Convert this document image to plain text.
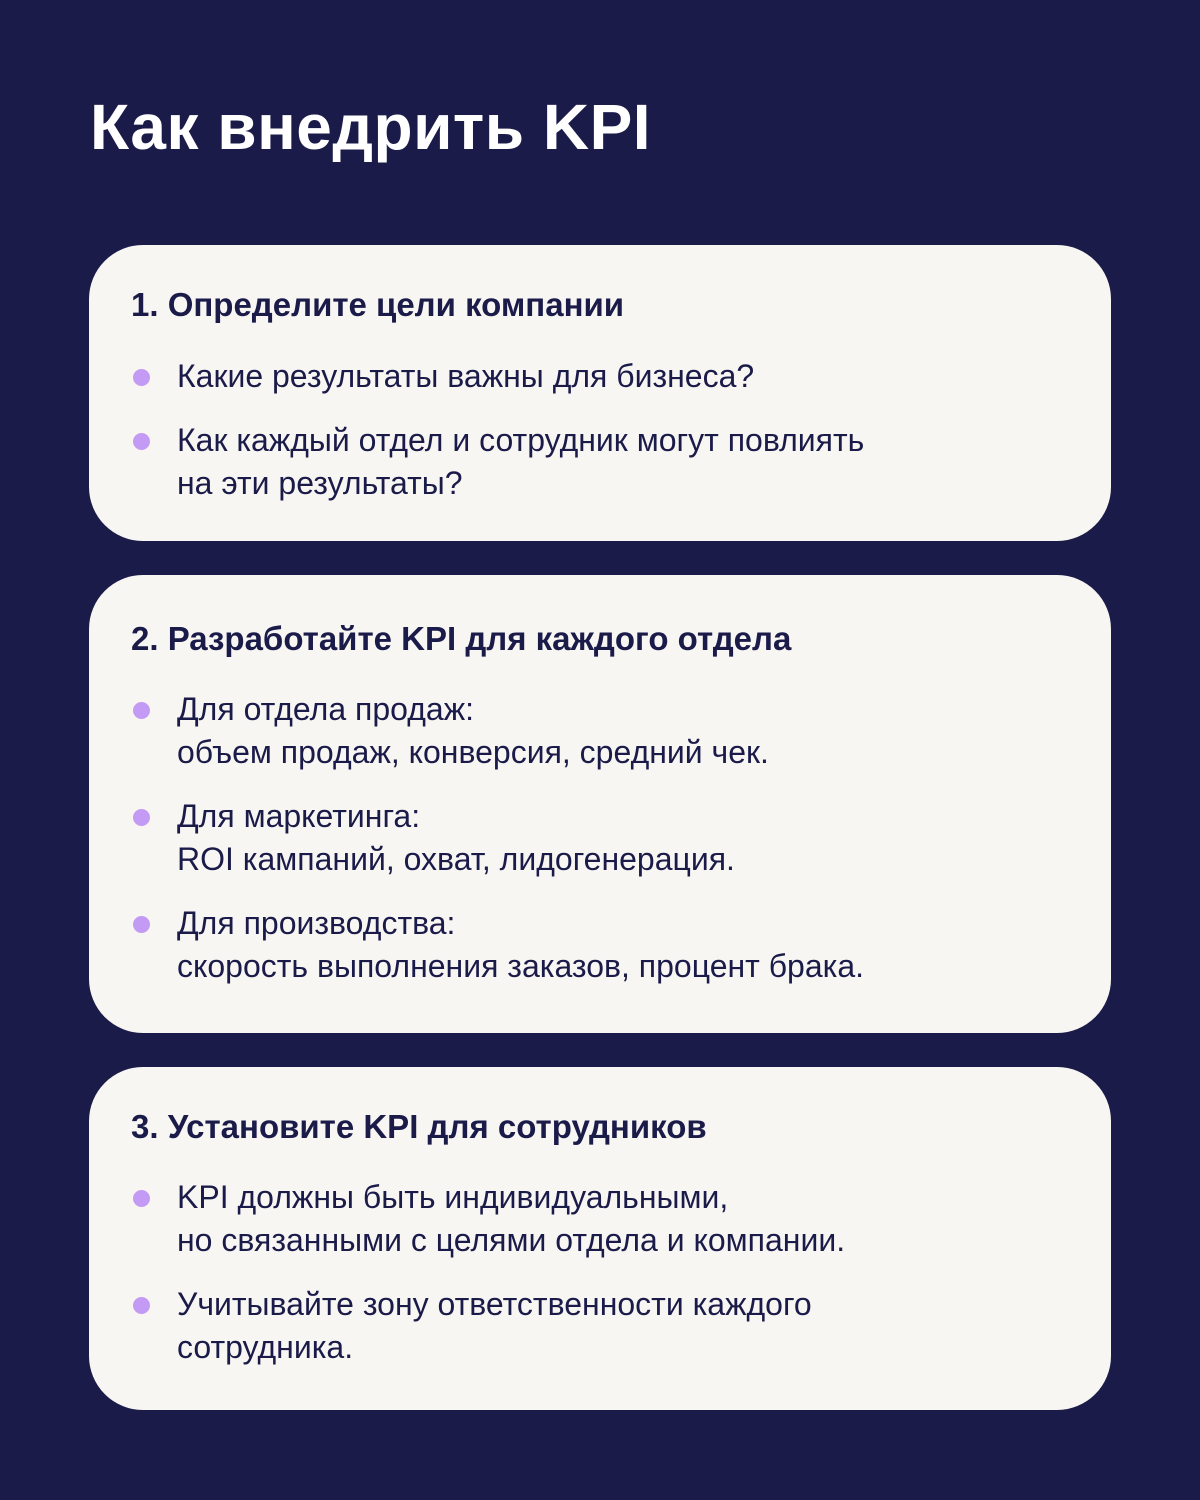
Как внедрить KPI
1. Определите цели компании
Какие результаты важны для бизнеса?
Как каждый отдел и сотрудник могут повлиять
на эти результаты?
2. Разработайте KPI для каждого отдела
Для отдела продаж:
объем продаж, конверсия, средний чек.
Для маркетинга:
ROI кампаний, охват, лидогенерация.
Для производства:
скорость выполнения заказов, процент брака.
3. Установите KPI для сотрудников
KPI должны быть индивидуальными,
но связанными с целями отдела и компании.
Учитывайте зону ответственности каждого
сотрудника.
